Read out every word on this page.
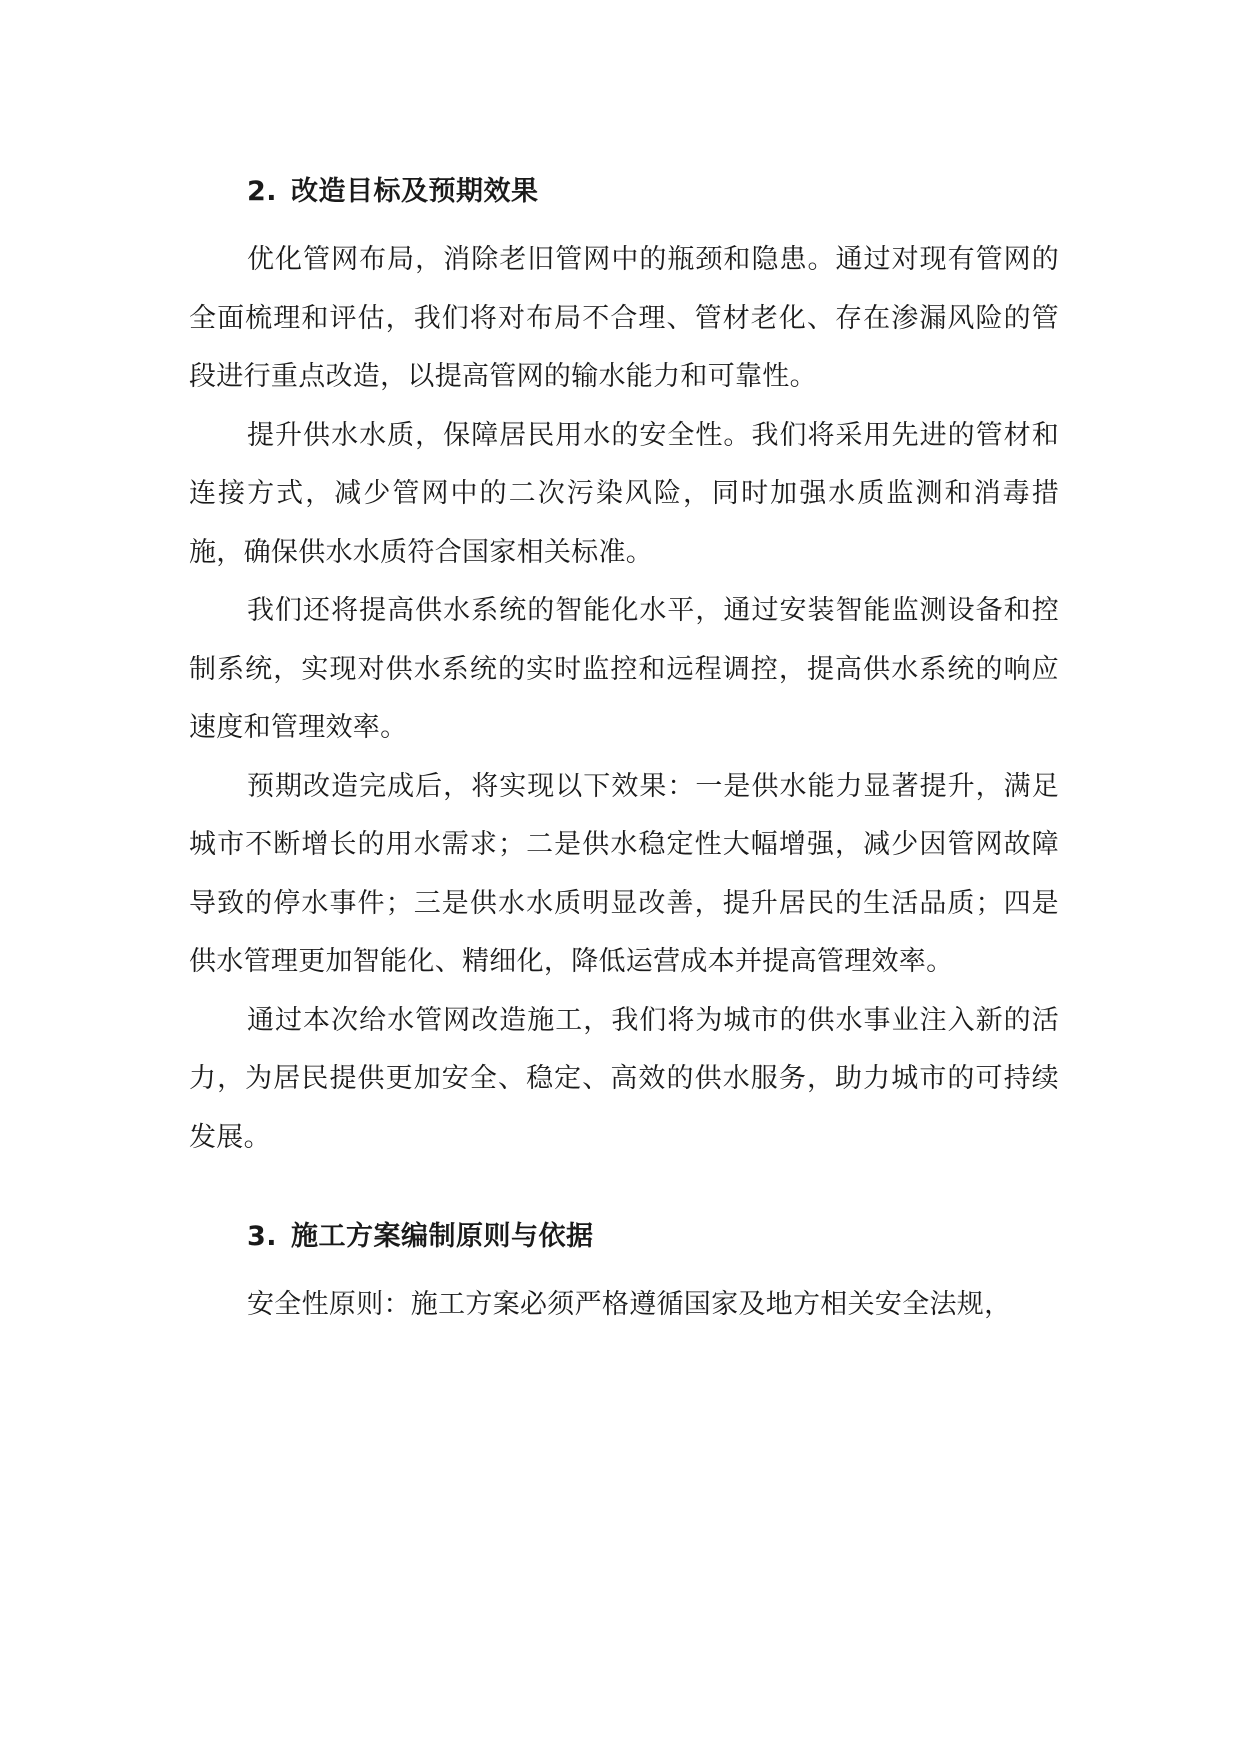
2. 改造目标及预期效果

优化管网布局，消除老旧管网中的瓶颈和隐患。通过对现有管网的全面梳理和评估，我们将对布局不合理、管材老化、存在渗漏风险的管段进行重点改造，以提高管网的输水能力和可靠性。

提升供水水质，保障居民用水的安全性。我们将采用先进的管材和连接方式，减少管网中的二次污染风险，同时加强水质监测和消毒措施，确保供水水质符合国家相关标准。

我们还将提高供水系统的智能化水平，通过安装智能监测设备和控制系统，实现对供水系统的实时监控和远程调控，提高供水系统的响应速度和管理效率。

预期改造完成后，将实现以下效果：一是供水能力显著提升，满足城市不断增长的用水需求；二是供水稳定性大幅增强，减少因管网故障导致的停水事件；三是供水水质明显改善，提升居民的生活品质；四是供水管理更加智能化、精细化，降低运营成本并提高管理效率。

通过本次给水管网改造施工，我们将为城市的供水事业注入新的活力，为居民提供更加安全、稳定、高效的供水服务，助力城市的可持续发展。

3. 施工方案编制原则与依据

安全性原则：施工方案必须严格遵循国家及地方相关安全法规，
